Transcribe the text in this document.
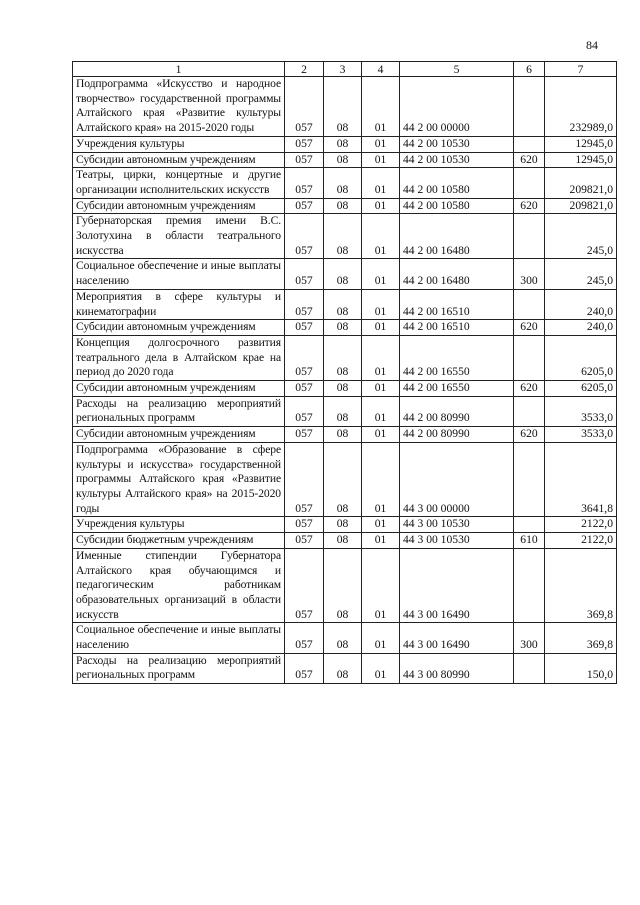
84
1	2	3	4	5	6	7
Подпрограмма «Искусство и народное творчество» государственной программы Алтайского края «Развитие культуры Алтайского края» на 2015-2020 годы	057	08	01	44 2 00 00000		232989,0
Учреждения культуры	057	08	01	44 2 00 10530		12945,0
Субсидии автономным учреждениям	057	08	01	44 2 00 10530	620	12945,0
Театры, цирки, концертные и другие организации исполнительских искусств	057	08	01	44 2 00 10580		209821,0
Субсидии автономным учреждениям	057	08	01	44 2 00 10580	620	209821,0
Губернаторская премия имени В.С. Золотухина в области театрального искусства	057	08	01	44 2 00 16480		245,0
Социальное обеспечение и иные выплаты населению	057	08	01	44 2 00 16480	300	245,0
Мероприятия в сфере культуры и кинематографии	057	08	01	44 2 00 16510		240,0
Субсидии автономным учреждениям	057	08	01	44 2 00 16510	620	240,0
Концепция долгосрочного развития театрального дела в Алтайском крае на период до 2020 года	057	08	01	44 2 00 16550		6205,0
Субсидии автономным учреждениям	057	08	01	44 2 00 16550	620	6205,0
Расходы на реализацию мероприятий региональных программ	057	08	01	44 2 00 80990		3533,0
Субсидии автономным учреждениям	057	08	01	44 2 00 80990	620	3533,0
Подпрограмма «Образование в сфере культуры и искусства» государственной программы Алтайского края «Развитие культуры Алтайского края» на 2015-2020 годы	057	08	01	44 3 00 00000		3641,8
Учреждения культуры	057	08	01	44 3 00 10530		2122,0
Субсидии бюджетным учреждениям	057	08	01	44 3 00 10530	610	2122,0
Именные стипендии Губернатора Алтайского края обучающимся и педагогическим работникам образовательных организаций в области искусств	057	08	01	44 3 00 16490		369,8
Социальное обеспечение и иные выплаты населению	057	08	01	44 3 00 16490	300	369,8
Расходы на реализацию мероприятий региональных программ	057	08	01	44 3 00 80990		150,0
